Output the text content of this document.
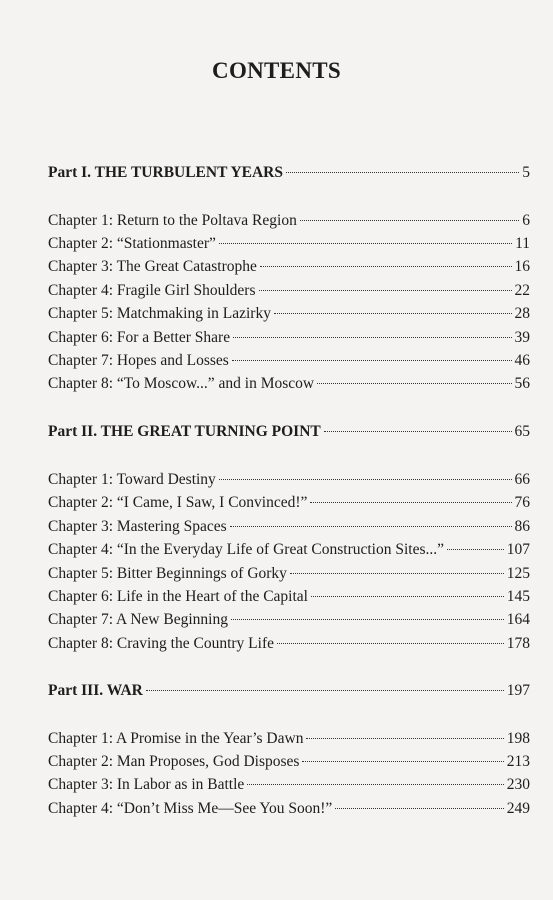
CONTENTS
Part I. THE TURBULENT YEARS	5
Chapter 1: Return to the Poltava Region	6
Chapter 2: “Stationmaster”	11
Chapter 3: The Great Catastrophe	16
Chapter 4: Fragile Girl Shoulders	22
Chapter 5: Matchmaking in Lazirky	28
Chapter 6: For a Better Share	39
Chapter 7: Hopes and Losses	46
Chapter 8: “To Moscow...” and in Moscow	56
Part II. THE GREAT TURNING POINT	65
Chapter 1: Toward Destiny	66
Chapter 2: “I Came, I Saw, I Convinced!”	76
Chapter 3: Mastering Spaces	86
Chapter 4: “In the Everyday Life of Great Construction Sites...”	107
Chapter 5: Bitter Beginnings of Gorky	125
Chapter 6: Life in the Heart of the Capital	145
Chapter 7: A New Beginning	164
Chapter 8: Craving the Country Life	178
Part III. WAR	197
Chapter 1: A Promise in the Year’s Dawn	198
Chapter 2: Man Proposes, God Disposes	213
Chapter 3: In Labor as in Battle	230
Chapter 4: “Don’t Miss Me—See You Soon!”	249
